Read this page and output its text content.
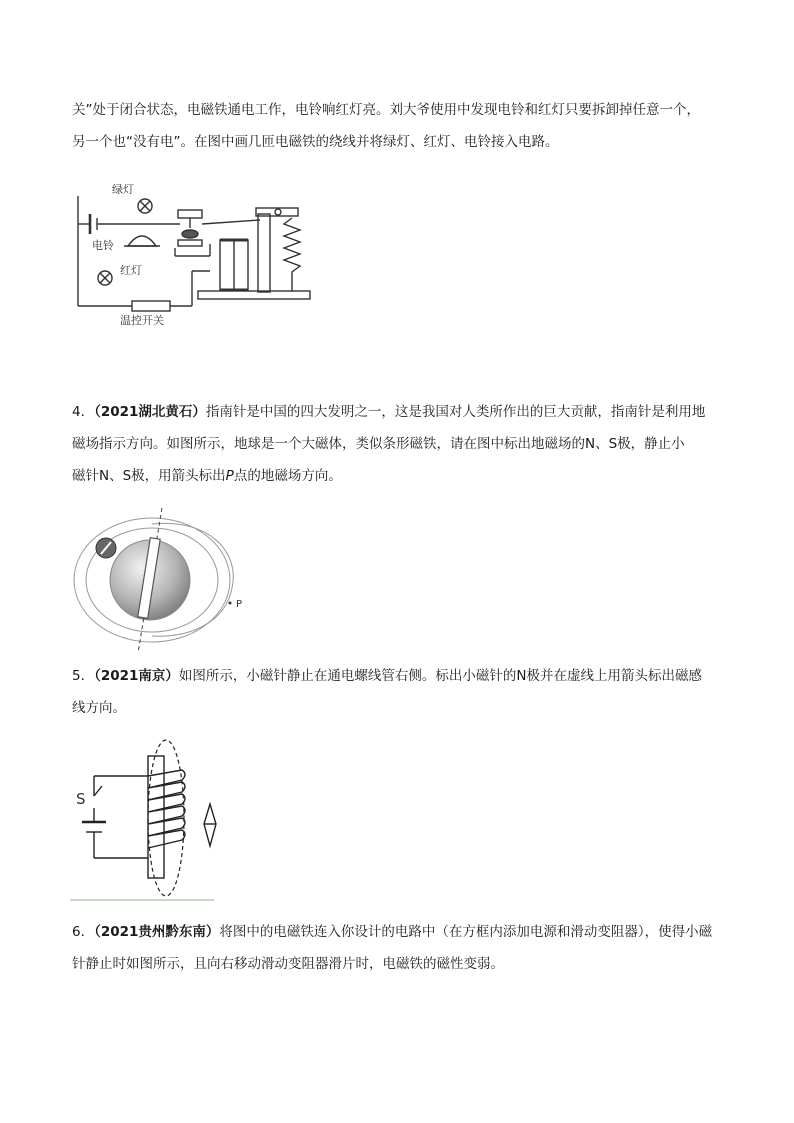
关”处于闭合状态，电磁铁通电工作，电铃响红灯亮。刘大爷使用中发现电铃和红灯只要拆卸掉任意一个，
另一个也“没有电”。在图中画几匝电磁铁的绕线并将绿灯、红灯、电铃接入电路。

绿灯
电铃
红灯
温控开关

4．（2021湖北黄石）指南针是中国的四大发明之一，这是我国对人类所作出的巨大贡献，指南针是利用地
磁场指示方向。如图所示，地球是一个大磁体，类似条形磁铁，请在图中标出地磁场的N、S极，静止小
磁针N、S极，用箭头标出P点的地磁场方向。

P

5．（2021南京）如图所示，小磁针静止在通电螺线管右侧。标出小磁针的N极并在虚线上用箭头标出磁感
线方向。

S

6．（2021贵州黔东南）将图中的电磁铁连入你设计的电路中（在方框内添加电源和滑动变阻器），使得小磁
针静止时如图所示，且向右移动滑动变阻器滑片时，电磁铁的磁性变弱。
